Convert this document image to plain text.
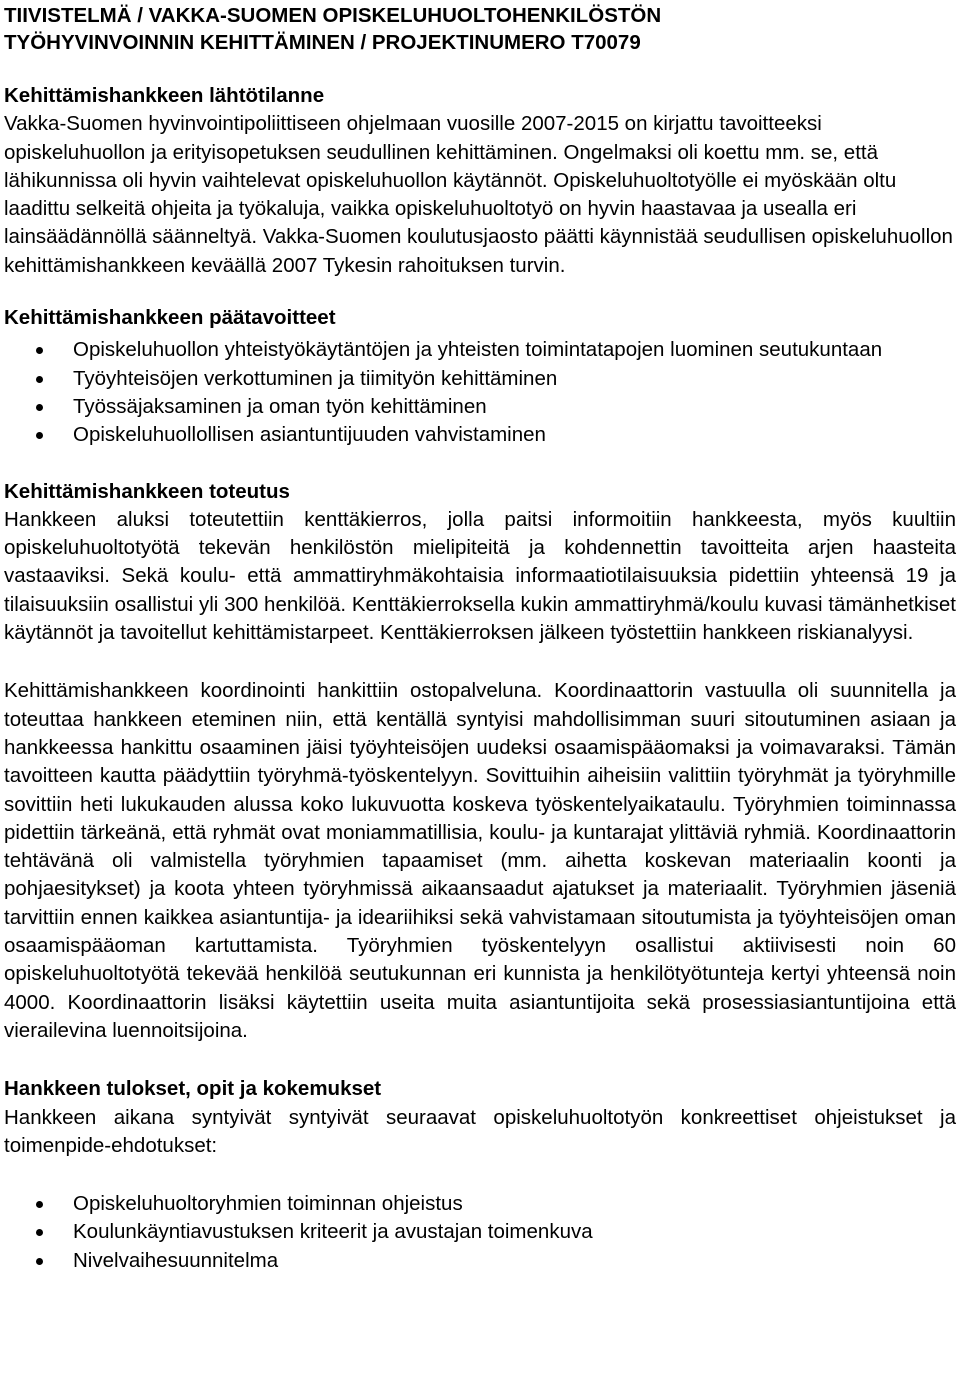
TIIVISTELMÄ / VAKKA-SUOMEN OPISKELUHUOLTOHENKILÖSTÖN
TYÖHYVINVOINNIN KEHITTÄMINEN / PROJEKTINUMERO T70079
Kehittämishankkeen lähtötilanne

Vakka-Suomen hyvinvointipoliittiseen ohjelmaan vuosille 2007-2015 on kirjattu tavoitteeksi opiskeluhuollon ja erityisopetuksen seudullinen kehittäminen. Ongelmaksi oli koettu mm. se, että lähikunnissa oli hyvin vaihtelevat opiskeluhuollon käytännöt. Opiskeluhuoltotyölle ei myöskään oltu laadittu selkeitä ohjeita ja työkaluja, vaikka opiskeluhuoltotyö on hyvin haastavaa ja usealla eri lainsäädännöllä säänneltyä. Vakka-Suomen koulutusjaosto päätti käynnistää seudullisen opiskeluhuollon kehittämishankkeen keväällä 2007 Tykesin rahoituksen turvin.

Kehittämishankkeen päätavoitteet
Opiskeluhuollon yhteistyökäytäntöjen ja yhteisten toimintatapojen luominen seutukuntaan
Työyhteisöjen verkottuminen ja tiimityön kehittäminen
Työssäjaksaminen ja oman työn kehittäminen
Opiskeluhuollollisen asiantuntijuuden vahvistaminen
Kehittämishankkeen toteutus

Hankkeen aluksi toteutettiin kenttäkierros, jolla paitsi informoitiin hankkeesta, myös kuultiin opiskeluhuoltotyötä tekevän henkilöstön mielipiteitä ja kohdennettin tavoitteita arjen haasteita vastaaviksi. Sekä koulu- että ammattiryhmäkohtaisia informaatiotilaisuuksia pidettiin yhteensä 19 ja tilaisuuksiin osallistui yli 300 henkilöä. Kenttäkierroksella kukin ammattiryhmä/koulu kuvasi tämänhetkiset käytännöt ja tavoitellut kehittämistarpeet. Kenttäkierroksen jälkeen työstettiin hankkeen riskianalyysi.

Kehittämishankkeen koordinointi hankittiin ostopalveluna. Koordinaattorin vastuulla oli suunnitella ja toteuttaa hankkeen eteminen niin, että kentällä syntyisi mahdollisimman suuri sitoutuminen asiaan ja hankkeessa hankittu osaaminen jäisi työyhteisöjen uudeksi osaamispääomaksi ja voimavaraksi. Tämän tavoitteen kautta päädyttiin työryhmä-työskentelyyn. Sovittuihin aiheisiin valittiin työryhmät ja työryhmille sovittiin heti lukukauden alussa koko lukuvuotta koskeva työskentelyaikataulu. Työryhmien toiminnassa pidettiin tärkeänä, että ryhmät ovat moniammatillisia, koulu- ja kuntarajat ylittäviä ryhmiä. Koordinaattorin tehtävänä oli valmistella työryhmien tapaamiset (mm. aihetta koskevan materiaalin koonti ja pohjaesitykset) ja koota yhteen työryhmissä aikaansaadut ajatukset ja materiaalit. Työryhmien jäseniä tarvittiin ennen kaikkea asiantuntija- ja ideariihiksi sekä vahvistamaan sitoutumista ja työyhteisöjen oman osaamispääoman kartuttamista. Työryhmien työskentelyyn osallistui aktiivisesti noin 60 opiskeluhuoltotyötä tekevää henkilöä seutukunnan eri kunnista ja henkilötyötunteja kertyi yhteensä noin 4000. Koordinaattorin lisäksi käytettiin useita muita asiantuntijoita sekä prosessiasiantuntijoina että vierailevina luennoitsijoina.

Hankkeen tulokset, opit ja kokemukset

Hankkeen aikana syntyivät syntyivät seuraavat opiskeluhuoltotyön konkreettiset ohjeistukset ja toimenpide-ehdotukset:

Opiskeluhuoltoryhmien toiminnan ohjeistus
Koulunkäyntiavustuksen kriteerit ja avustajan toimenkuva
Nivelvaihesuunnitelma
